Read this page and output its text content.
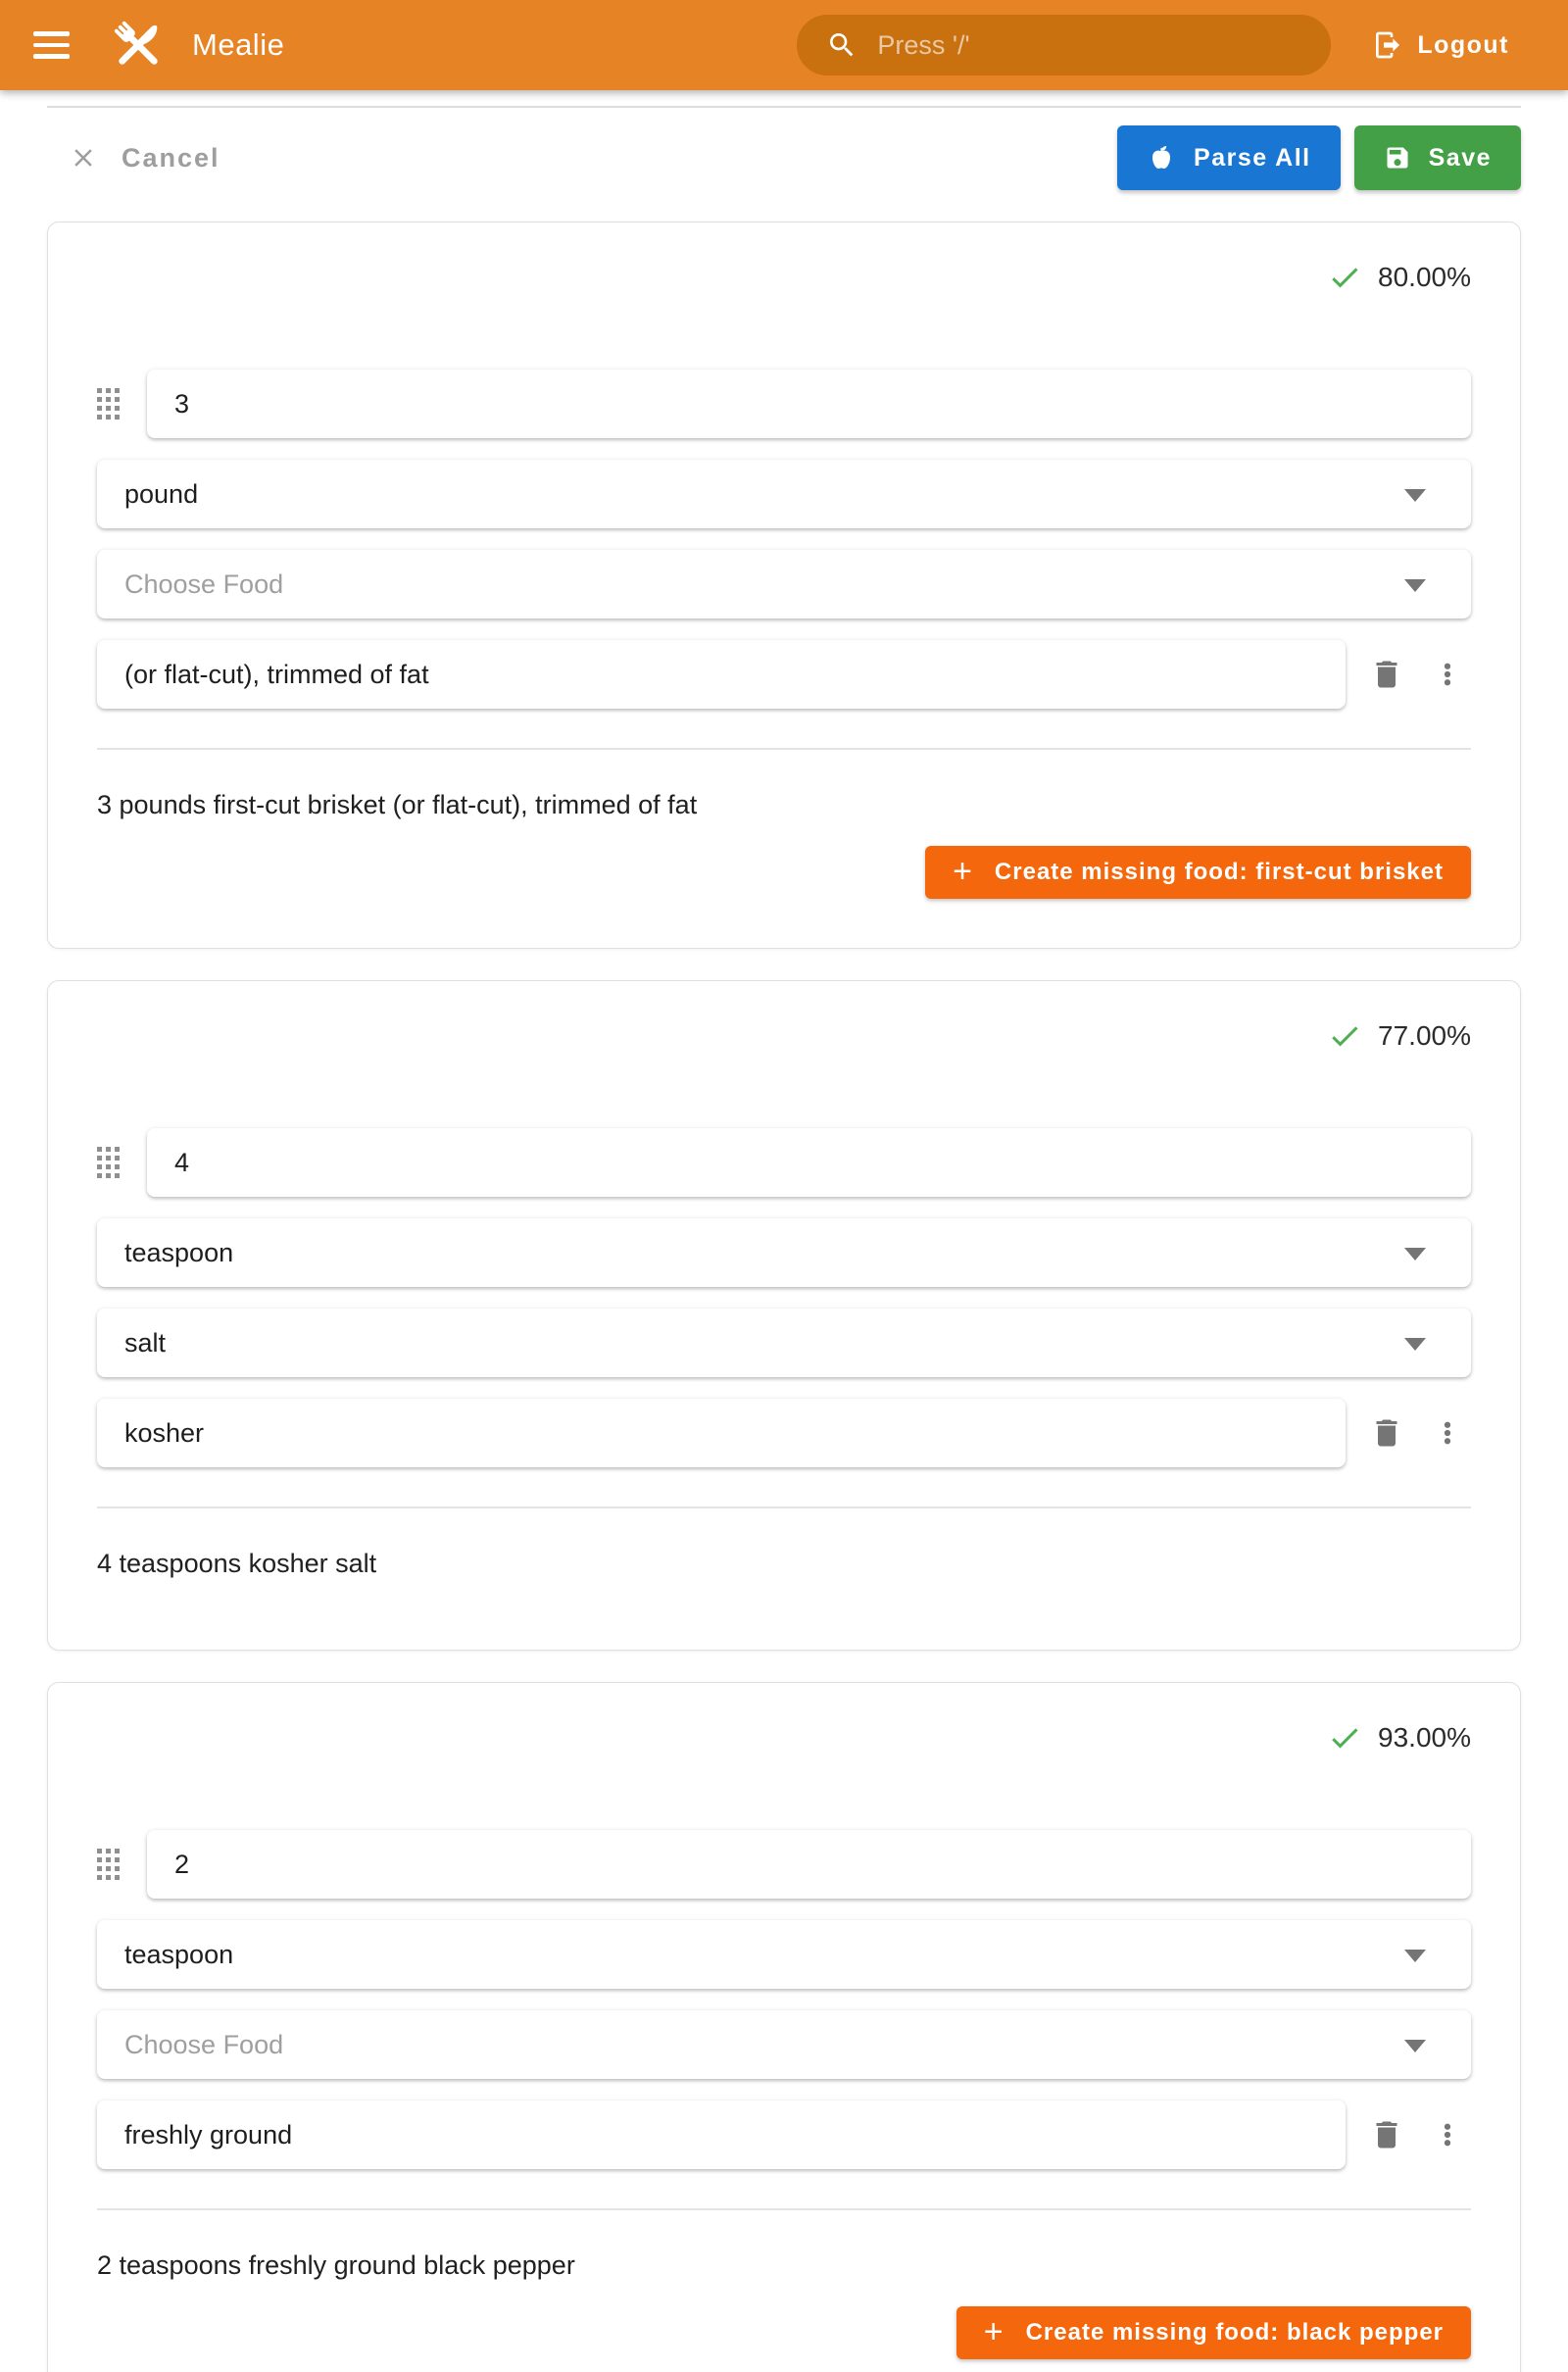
Mealie	Press '/'	Logout
Cancel	Parse All	Save
80.00%
3
pound
Choose Food
(or flat-cut), trimmed of fat

3 pounds first-cut brisket (or flat-cut), trimmed of fat

+ Create missing food: first-cut brisket
77.00%
4
teaspoon
salt
kosher

4 teaspoons kosher salt

93.00%
2
teaspoon
Choose Food
freshly ground

2 teaspoons freshly ground black pepper

+ Create missing food: black pepper
